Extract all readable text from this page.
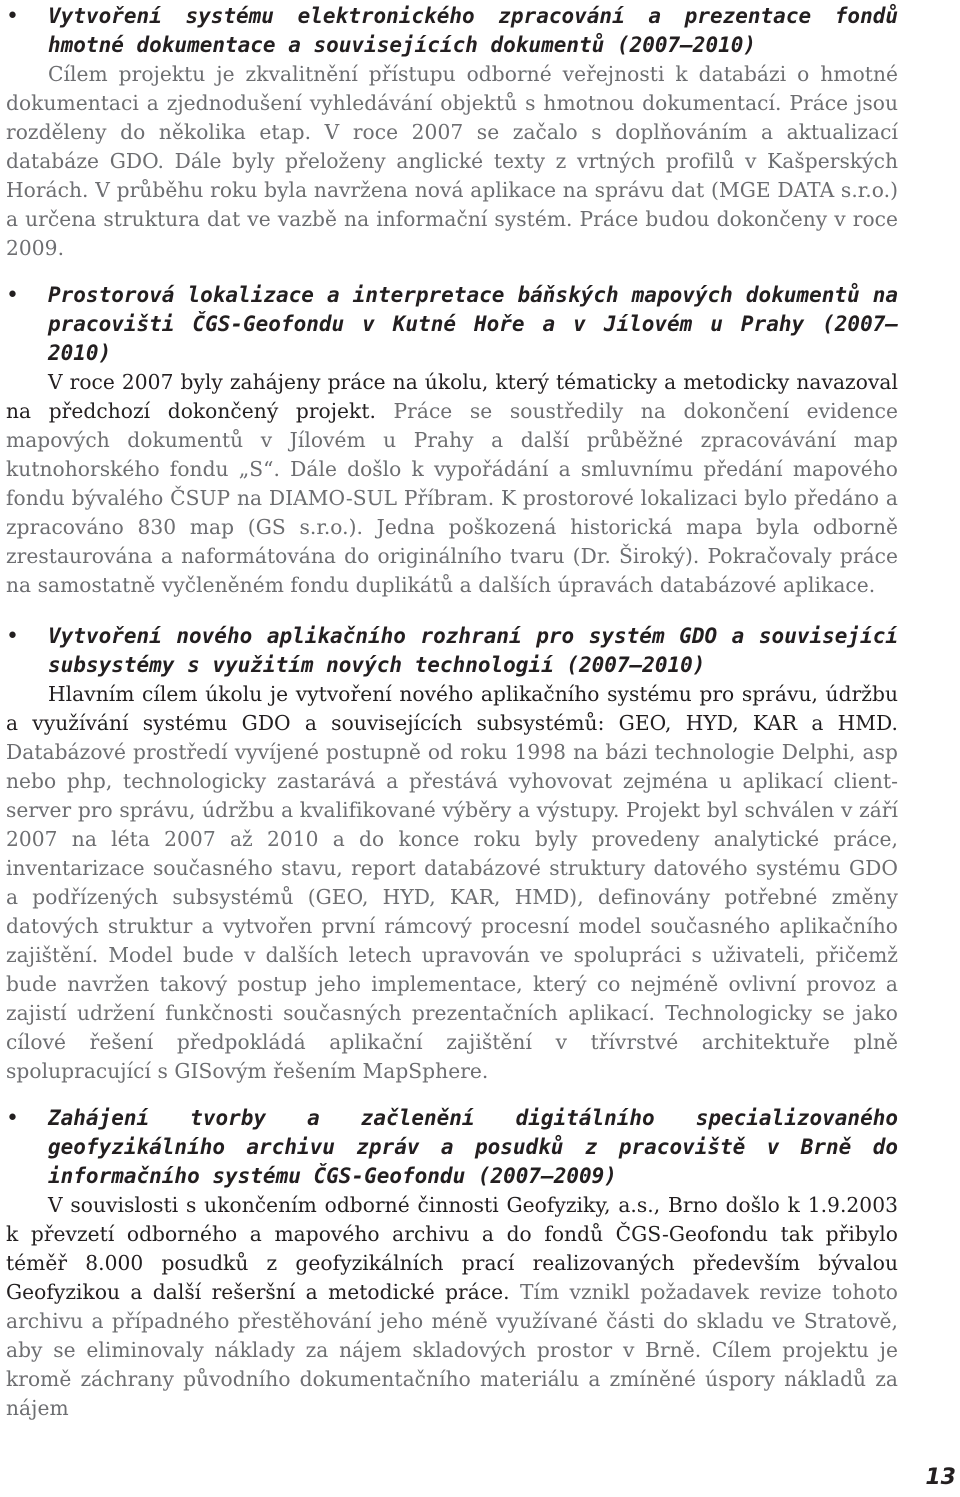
• Vytvoření systému elektronického zpracování a prezentace fondů hmotné dokumentace a souvisejících dokumentů (2007–2010)

Cílem projektu je zkvalitnění přístupu odborné veřejnosti k databázi o hmotné dokumentaci a zjednodušení vyhledávání objektů s hmotnou dokumentací. Práce jsou rozděleny do několika etap. V roce 2007 se začalo s doplňováním a aktualizací databáze GDO. Dále byly přeloženy anglické texty z vrtných profilů v Kašperských Horách. V průběhu roku byla navržena nová aplikace na správu dat (MGE DATA s.r.o.) a určena struktura dat ve vazbě na informační systém. Práce budou dokončeny v roce 2009.

• Prostorová lokalizace a interpretace báňských mapových dokumentů na pracovišti ČGS-Geofondu v Kutné Hoře a v Jílovém u Prahy (2007–2010)

V roce 2007 byly zahájeny práce na úkolu, který tématicky a metodicky navazoval na předchozí dokončený projekt. Práce se soustředily na dokončení evidence mapových dokumentů v Jílovém u Prahy a další průběžné zpracovávání map kutnohorského fondu „S“. Dále došlo k vypořádání a smluvnímu předání mapového fondu bývalého ČSUP na DIAMO-SUL Příbram. K prostorové lokalizaci bylo předáno a zpracováno 830 map (GS s.r.o.). Jedna poškozená historická mapa byla odborně zrestaurována a naformátována do originálního tvaru (Dr. Široký). Pokračovaly práce na samostatně vyčleněném fondu duplikátů a dalších úpravách databázové aplikace.

• Vytvoření nového aplikačního rozhraní pro systém GDO a související subsystémy s využitím nových technologií (2007–2010)

Hlavním cílem úkolu je vytvoření nového aplikačního systému pro správu, údržbu a využívání systému GDO a souvisejících subsystémů: GEO, HYD, KAR a HMD. Databázové prostředí vyvíjené postupně od roku 1998 na bázi technologie Delphi, asp nebo php, technologicky zastarává a přestává vyhovovat zejména u aplikací client-server pro správu, údržbu a kvalifikované výběry a výstupy. Projekt byl schválen v září 2007 na léta 2007 až 2010 a do konce roku byly provedeny analytické práce, inventarizace současného stavu, report databázové struktury datového systému GDO a podřízených subsystémů (GEO, HYD, KAR, HMD), definovány potřebné změny datových struktur a vytvořen první rámcový procesní model současného aplikačního zajištění. Model bude v dalších letech upravován ve spolupráci s uživateli, přičemž bude navržen takový postup jeho implementace, který co nejméně ovlivní provoz a zajistí udržení funkčnosti současných prezentačních aplikací. Technologicky se jako cílové řešení předpokládá aplikační zajištění v třívrstvé architektuře plně spolupracující s GISovým řešením MapSphere.

• Zahájení tvorby a začlenění digitálního specializovaného geofyzikálního archivu zpráv a posudků z pracoviště v Brně do informačního systému ČGS-Geofondu (2007–2009)

V souvislosti s ukončením odborné činnosti Geofyziky, a.s., Brno došlo k 1.9.2003 k převzetí odborného a mapového archivu a do fondů ČGS-Geofondu tak přibylo téměř 8.000 posudků z geofyzikálních prací realizovaných především bývalou Geofyzikou a další rešeršní a metodické práce. Tím vznikl požadavek revize tohoto archivu a případného přestěhování jeho méně využívané části do skladu ve Stratově, aby se eliminovaly náklady za nájem skladových prostor v Brně. Cílem projektu je kromě záchrany původního dokumentačního materiálu a zmíněné úspory nákladů za nájem

13
